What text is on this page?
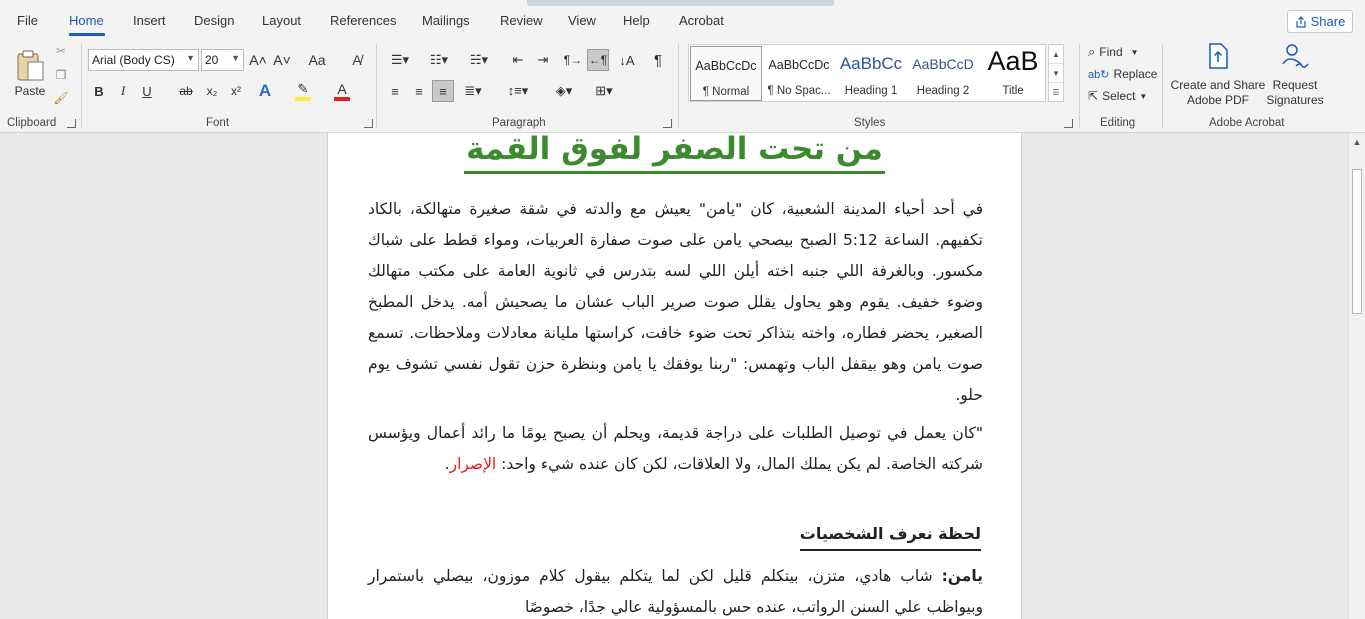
File Home Insert Design Layout References Mailings Review View Help Acrobat	Share
Paste
✂
❐
🖌
Clipboard
Arial (Body CS) ▼ 20 ▼ A˄ A˅	Aa	A̸
B	I	U	ab	x₂	x² A ✎ A
Font
☰▾	☷▾	☵▾	⇤	⇥	¶→ ←¶ ↓A	¶
≡	≡	≡	≣▾	↕≡▾	◈▾	⊞▾
Paragraph
AaBbCcDc
¶ Normal
AaBbCcDc
¶ No Spac...
AaBbCc
Heading 1
AaBbCcD
Heading 2
AaB
Title
▲
▼
☰
Styles
⌕ Find ▼
ab↻ Replace
⇱ Select ▼
Editing
Create and Share
Adobe PDF
Request
Signatures
Adobe Acrobat
من تحت الصفر لفوق القمة
في أحد أحياء المدينة الشعبية، كان "يامن" يعيش مع والدته في شقة صغيرة متهالكة، بالكاد تكفيهم. الساعة 5:12 الصبح بيصحي يامن على صوت صفارة العربيات، ومواء قطط على شباك مكسور. وبالغرفة اللي جنبه اخته أيلن اللي لسه بتدرس في ثانوية العامة على مكتب متهالك وضوء خفيف. يقوم وهو يحاول يقلل صوت صرير الباب عشان ما يصحيش أمه. يدخل المطبخ الصغير، يحضر فطاره، واخته بتذاكر تحت ضوء خافت، كراستها مليانة معادلات وملاحظات. تسمع صوت يامن وهو بيقفل الباب وتهمس: "ربنا يوفقك يا يامن وبنظرة حزن تقول نفسي تشوف يوم حلو.
"كان يعمل في توصيل الطلبات على دراجة قديمة، ويحلم أن يصبح يومًا ما رائد أعمال ويؤسس شركته الخاصة. لم يكن يملك المال، ولا العلاقات، لكن كان عنده شيء واحد: الإصرار.
لحظة نعرف الشخصيات
يامن: شاب هادي، متزن، بيتكلم قليل لكن لما يتكلم بيقول كلام موزون، بيصلي باستمرار وبيواظب علي السنن الرواتب، عنده حس بالمسؤولية عالي جدًا، خصوصًا
▲
